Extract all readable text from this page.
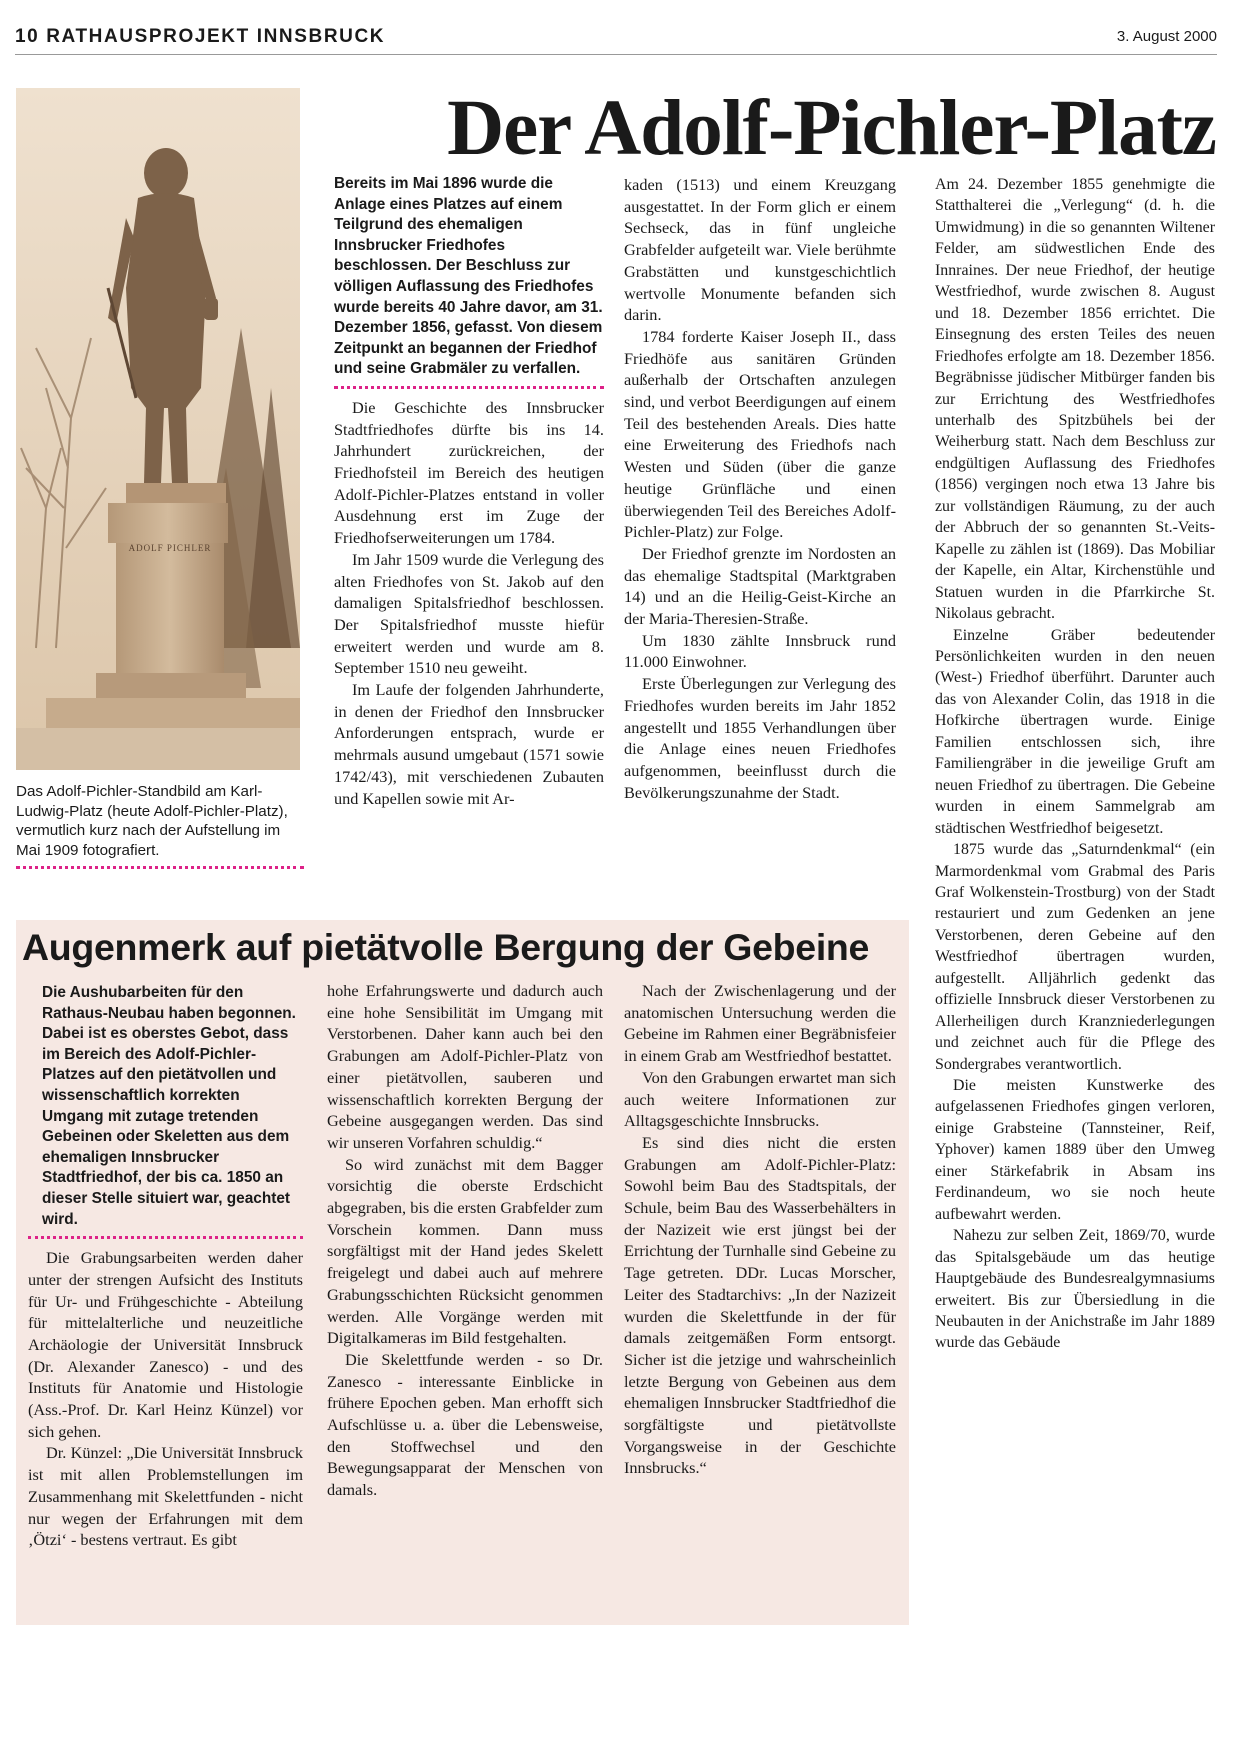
10 RATHAUSPROJEKT INNSBRUCK	3. August 2000
ADOLF PICHLER
Das Adolf-Pichler-Standbild am Karl-Ludwig-Platz (heute Adolf-Pichler-Platz), vermutlich kurz nach der Aufstellung im Mai 1909 fotografiert.
Der Adolf-Pichler-Platz
Bereits im Mai 1896 wurde die Anlage eines Platzes auf einem Teilgrund des ehemaligen Innsbrucker Friedhofes beschlossen. Der Beschluss zur völligen Auflassung des Friedhofes wurde bereits 40 Jahre davor, am 31. Dezember 1856, gefasst. Von diesem Zeitpunkt an begannen der Friedhof und seine Grabmäler zu verfallen.

Die Geschichte des Innsbrucker Stadtfriedhofes dürfte bis ins 14. Jahrhundert zurückreichen, der Friedhofsteil im Bereich des heutigen Adolf-Pichler-Platzes entstand in voller Ausdehnung erst im Zuge der Friedhofserweiterungen um 1784.

Im Jahr 1509 wurde die Verlegung des alten Friedhofes von St. Jakob auf den damaligen Spitalsfriedhof beschlossen. Der Spitalsfriedhof musste hiefür erweitert werden und wurde am 8. September 1510 neu geweiht.

Im Laufe der folgenden Jahrhunderte, in denen der Friedhof den Innsbrucker Anforderungen entsprach, wurde er mehrmals ausund umgebaut (1571 sowie 1742/43), mit verschiedenen Zubauten und Kapellen sowie mit Ar-

kaden (1513) und einem Kreuzgang ausgestattet. In der Form glich er einem Sechseck, das in fünf ungleiche Grabfelder aufgeteilt war. Viele berühmte Grabstätten und kunstgeschichtlich wertvolle Monumente befanden sich darin.

1784 forderte Kaiser Joseph II., dass Friedhöfe aus sanitären Gründen außerhalb der Ortschaften anzulegen sind, und verbot Beerdigungen auf einem Teil des bestehenden Areals. Dies hatte eine Erweiterung des Friedhofs nach Westen und Süden (über die ganze heutige Grünfläche und einen überwiegenden Teil des Bereiches Adolf-Pichler-Platz) zur Folge.

Der Friedhof grenzte im Nordosten an das ehemalige Stadtspital (Marktgraben 14) und an die Heilig-Geist-Kirche an der Maria-Theresien-Straße.

Um 1830 zählte Innsbruck rund 11.000 Einwohner.

Erste Überlegungen zur Verlegung des Friedhofes wurden bereits im Jahr 1852 angestellt und 1855 Verhandlungen über die Anlage eines neuen Friedhofes aufgenommen, beeinflusst durch die Bevölkerungszunahme der Stadt.

Am 24. Dezember 1855 genehmigte die Statthalterei die „Verlegung“ (d. h. die Umwidmung) in die so genannten Wiltener Felder, am südwestlichen Ende des Innraines. Der neue Friedhof, der heutige Westfriedhof, wurde zwischen 8. August und 18. Dezember 1856 errichtet. Die Einsegnung des ersten Teiles des neuen Friedhofes erfolgte am 18. Dezember 1856. Begräbnisse jüdischer Mitbürger fanden bis zur Errichtung des Westfriedhofes unterhalb des Spitzbühels bei der Weiherburg statt. Nach dem Beschluss zur endgültigen Auflassung des Friedhofes (1856) vergingen noch etwa 13 Jahre bis zur vollständigen Räumung, zu der auch der Abbruch der so genannten St.-Veits-Kapelle zu zählen ist (1869). Das Mobiliar der Kapelle, ein Altar, Kirchenstühle und Statuen wurden in die Pfarrkirche St. Nikolaus gebracht.

Einzelne Gräber bedeutender Persönlichkeiten wurden in den neuen (West-) Friedhof überführt. Darunter auch das von Alexander Colin, das 1918 in die Hofkirche übertragen wurde. Einige Familien entschlossen sich, ihre Familiengräber in die jeweilige Gruft am neuen Friedhof zu übertragen. Die Gebeine wurden in einem Sammelgrab am städtischen Westfriedhof beigesetzt.

1875 wurde das „Saturndenkmal“ (ein Marmordenkmal vom Grabmal des Paris Graf Wolkenstein-Trostburg) von der Stadt restauriert und zum Gedenken an jene Verstorbenen, deren Gebeine auf den Westfriedhof übertragen wurden, aufgestellt. Alljährlich gedenkt das offizielle Innsbruck dieser Verstorbenen zu Allerheiligen durch Kranzniederlegungen und zeichnet auch für die Pflege des Sondergrabes verantwortlich.

Die meisten Kunstwerke des aufgelassenen Friedhofes gingen verloren, einige Grabsteine (Tannsteiner, Reif, Yphover) kamen 1889 über den Umweg einer Stärkefabrik in Absam ins Ferdinandeum, wo sie noch heute aufbewahrt werden.

Nahezu zur selben Zeit, 1869/70, wurde das Spitalsgebäude um das heutige Hauptgebäude des Bundesrealgymnasiums erweitert. Bis zur Übersiedlung in die Neubauten in der Anichstraße im Jahr 1889 wurde das Gebäude

Augenmerk auf pietätvolle Bergung der Gebeine
Die Aushubarbeiten für den Rathaus-Neubau haben begonnen. Dabei ist es oberstes Gebot, dass im Bereich des Adolf-Pichler-Platzes auf den pietätvollen und wissenschaftlich korrekten Umgang mit zutage tretenden Gebeinen oder Skeletten aus dem ehemaligen Innsbrucker Stadtfriedhof, der bis ca. 1850 an dieser Stelle situiert war, geachtet wird.

Die Grabungsarbeiten werden daher unter der strengen Aufsicht des Instituts für Ur- und Frühgeschichte - Abteilung für mittelalterliche und neuzeitliche Archäologie der Universität Innsbruck (Dr. Alexander Zanesco) - und des Instituts für Anatomie und Histologie (Ass.-Prof. Dr. Karl Heinz Künzel) vor sich gehen.

Dr. Künzel: „Die Universität Innsbruck ist mit allen Problemstellungen im Zusammenhang mit Skelettfunden - nicht nur wegen der Erfahrungen mit dem ‚Ötzi‘ - bestens vertraut. Es gibt

hohe Erfahrungswerte und dadurch auch eine hohe Sensibilität im Umgang mit Verstorbenen. Daher kann auch bei den Grabungen am Adolf-Pichler-Platz von einer pietätvollen, sauberen und wissenschaftlich korrekten Bergung der Gebeine ausgegangen werden. Das sind wir unseren Vorfahren schuldig.“

So wird zunächst mit dem Bagger vorsichtig die oberste Erdschicht abgegraben, bis die ersten Grabfelder zum Vorschein kommen. Dann muss sorgfältigst mit der Hand jedes Skelett freigelegt und dabei auch auf mehrere Grabungsschichten Rücksicht genommen werden. Alle Vorgänge werden mit Digitalkameras im Bild festgehalten.

Die Skelettfunde werden - so Dr. Zanesco - interessante Einblicke in frühere Epochen geben. Man erhofft sich Aufschlüsse u. a. über die Lebensweise, den Stoffwechsel und den Bewegungsapparat der Menschen von damals.

Nach der Zwischenlagerung und der anatomischen Untersuchung werden die Gebeine im Rahmen einer Begräbnisfeier in einem Grab am Westfriedhof bestattet.

Von den Grabungen erwartet man sich auch weitere Informationen zur Alltagsgeschichte Innsbrucks.

Es sind dies nicht die ersten Grabungen am Adolf-Pichler-Platz: Sowohl beim Bau des Stadtspitals, der Schule, beim Bau des Wasserbehälters in der Nazizeit wie erst jüngst bei der Errichtung der Turnhalle sind Gebeine zu Tage getreten. DDr. Lucas Morscher, Leiter des Stadtarchivs: „In der Nazizeit wurden die Skelettfunde in der für damals zeitgemäßen Form entsorgt. Sicher ist die jetzige und wahrscheinlich letzte Bergung von Gebeinen aus dem ehemaligen Innsbrucker Stadtfriedhof die sorgfältigste und pietätvollste Vorgangsweise in der Geschichte Innsbrucks.“
